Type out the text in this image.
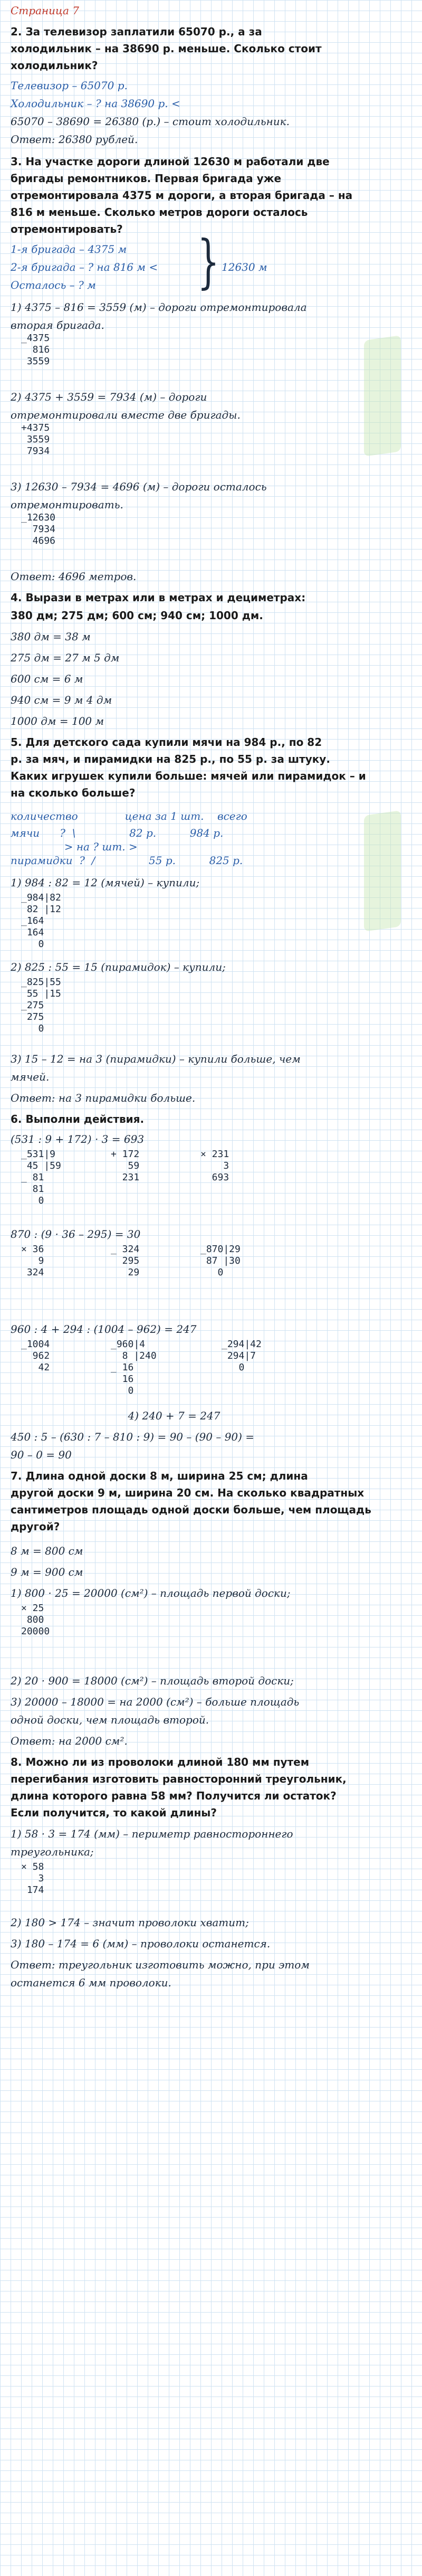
Страница 7
2. За телевизор заплатили 65070 р., а за
холодильник – на 38690 р. меньше. Сколько стоит
холодильник?
Телевизор – 65070 р.
Холодильник – ? на 38690 р. <
65070 – 38690 = 26380 (р.) – стоит холодильник.
Ответ: 26380 рублей.
3. На участке дороги длиной 12630 м работали две
бригады ремонтников. Первая бригада уже
отремонтировала 4375 м дороги, а вторая бригада – на
816 м меньше. Сколько метров дороги осталось
отремонтировать?
1-я бригада – 4375 м
2-я бригада – ? на 816 м <
Осталось – ? м
1) 4375 – 816 = 3559 (м) – дороги отремонтировала
вторая бригада.
2) 4375 + 3559 = 7934 (м) – дороги
отремонтировали вместе две бригады.
3) 12630 – 7934 = 4696 (м) – дороги осталось
отремонтировать.
Ответ: 4696 метров.
4. Вырази в метрах или в метрах и дециметрах:
380 дм; 275 дм; 600 см; 940 см; 1000 дм.
380 дм = 38 м
275 дм = 27 м 5 дм
600 см = 6 м
940 см = 9 м 4 дм
1000 дм = 100 м
5. Для детского сада купили мячи на 984 р., по 82
р. за мяч, и пирамидки на 825 р., по 55 р. за штуку.
Каких игрушек купили больше: мячей или пирамидок – и
на сколько больше?
количество              цена за 1 шт.    всего
мячи      ?  \                82 р.          984 р.
> на ? шт. >
пирамидки  ?  /                55 р.          825 р.
1) 984 : 82 = 12 (мячей) – купили;
2) 825 : 55 = 15 (пирамидок) – купили;
3) 15 – 12 = на 3 (пирамидки) – купили больше, чем
мячей.
Ответ: на 3 пирамидки больше.
6. Выполни действия.
(531 : 9 + 172) · 3 = 693
870 : (9 · 36 – 295) = 30
960 : 4 + 294 : (1004 – 962) = 247
4) 240 + 7 = 247
450 : 5 – (630 : 7 – 810 : 9) = 90 – (90 – 90) =
90 – 0 = 90
7. Длина одной доски 8 м, ширина 25 см; длина
другой доски 9 м, ширина 20 см. На сколько квадратных
сантиметров площадь одной доски больше, чем площадь
другой?
8 м = 800 см
9 м = 900 см
1) 800 · 25 = 20000 (см²) – площадь первой доски;
2) 20 · 900 = 18000 (см²) – площадь второй доски;
3) 20000 – 18000 = на 2000 (см²) – больше площадь
одной доски, чем площадь второй.
Ответ: на 2000 см².
8. Можно ли из проволоки длиной 180 мм путем
перегибания изготовить равносторонний треугольник,
длина которого равна 58 мм? Получится ли остаток?
Если получится, то какой длины?
1) 58 · 3 = 174 (мм) – периметр равностороннего
треугольника;
2) 180 > 174 – значит проволоки хватит;
3) 180 – 174 = 6 (мм) – проволоки останется.
Ответ: треугольник изготовить можно, при этом
останется 6 мм проволоки.
_4375
816
3559
+4375
3559
7934
_12630
7934
4696
_984|82
82 |12
_164
164
0
_825|55
55 |15
_275
275
0
_531|9
45 |59
_ 81
81
0
+ 172
59
231
× 231
3
693
× 36
9
324
_ 324
295
29
_870|29
87 |30
0
_1004
962
42
_960|4
8 |240
_ 16
16
0
_294|42
294|7
0
× 25
800
20000
× 58
3
174
} 12630 м
